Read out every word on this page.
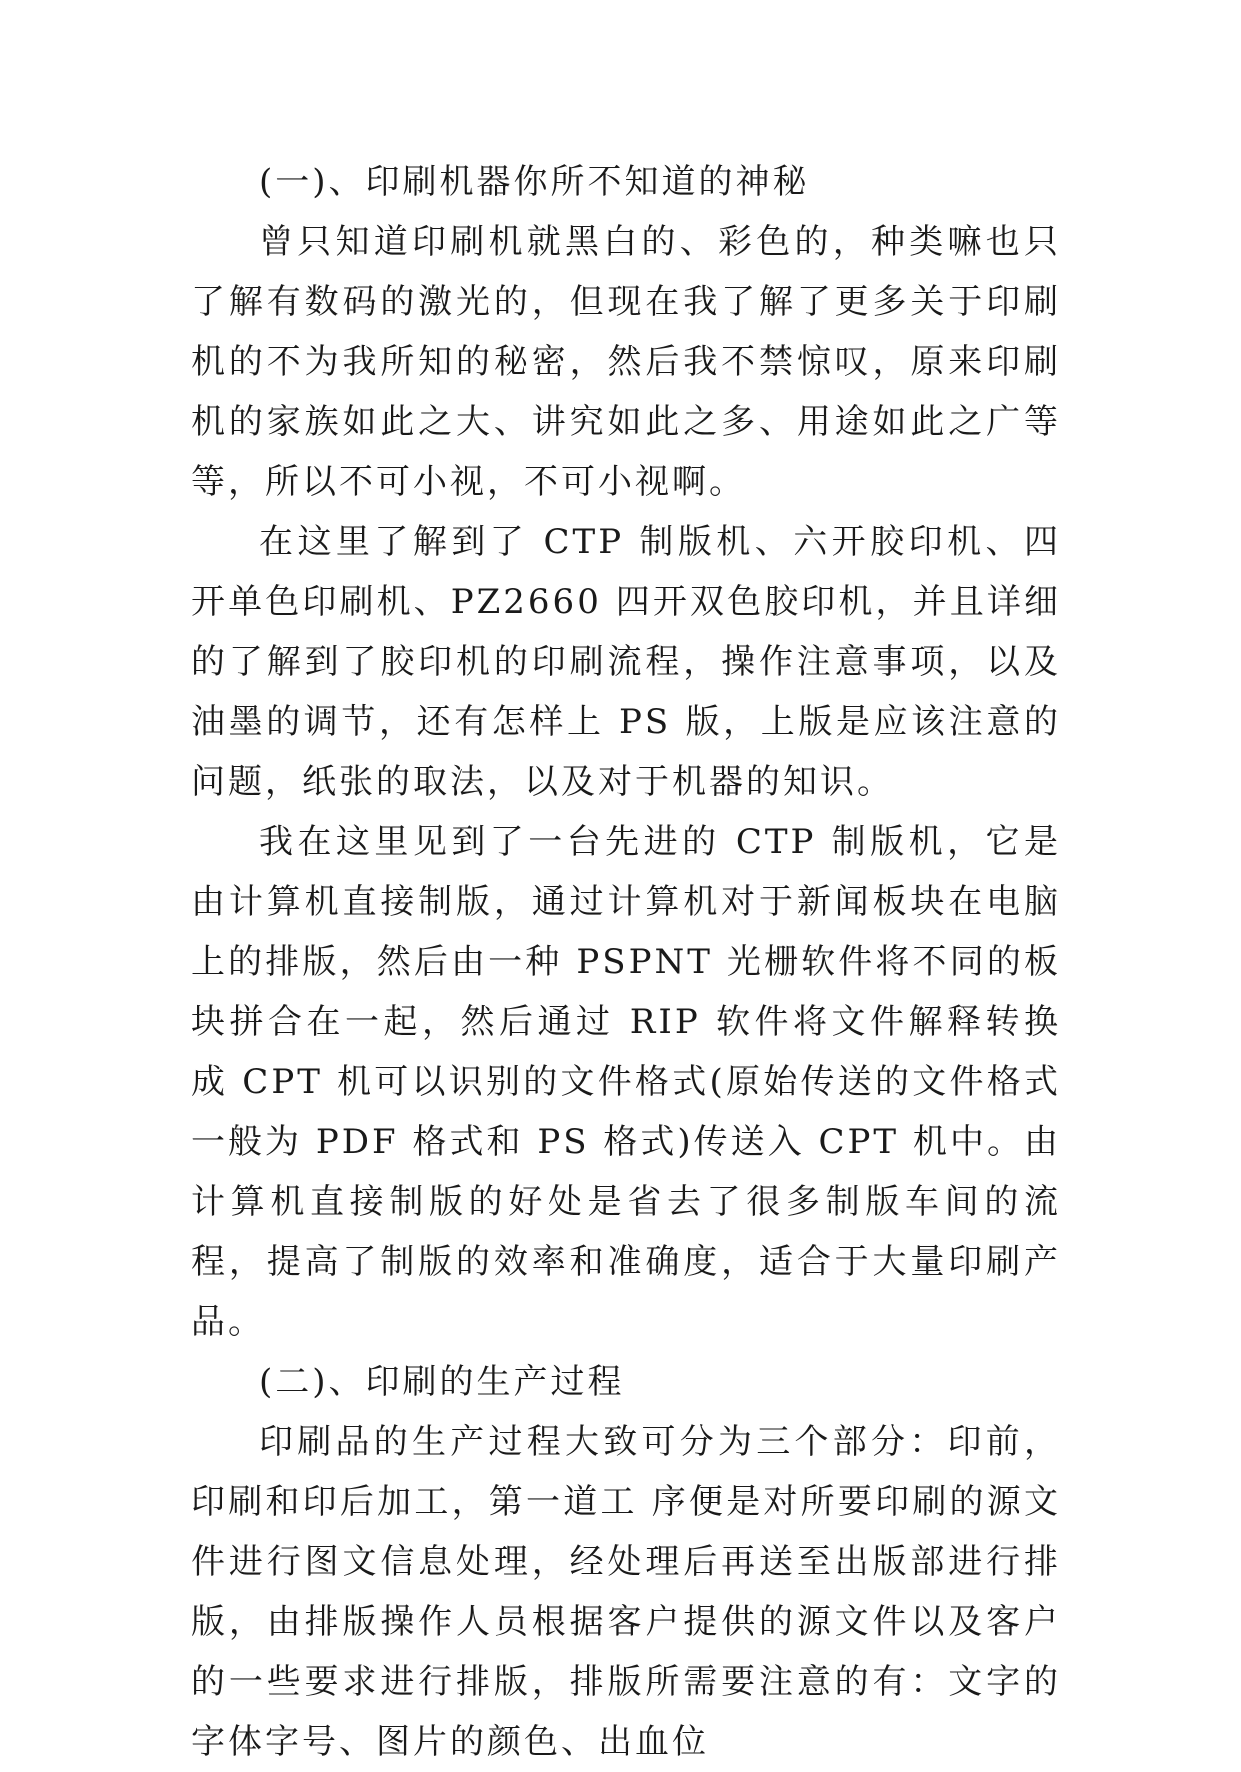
(一)、印刷机器你所不知道的神秘

曾只知道印刷机就黑白的、彩色的，种类嘛也只了解有数码的激光的，但现在我了解了更多关于印刷机的不为我所知的秘密，然后我不禁惊叹，原来印刷机的家族如此之大、讲究如此之多、用途如此之广等等，所以不可小视，不可小视啊。

在这里了解到了 CTP 制版机、六开胶印机、四开单色印刷机、PZ2660 四开双色胶印机，并且详细的了解到了胶印机的印刷流程，操作注意事项，以及油墨的调节，还有怎样上 PS 版，上版是应该注意的问题，纸张的取法，以及对于机器的知识。

我在这里见到了一台先进的 CTP 制版机，它是由计算机直接制版，通过计算机对于新闻板块在电脑上的排版，然后由一种 PSPNT 光栅软件将不同的板块拼合在一起，然后通过 RIP 软件将文件解释转换成 CPT 机可以识别的文件格式(原始传送的文件格式一般为 PDF 格式和 PS 格式)传送入 CPT 机中。由计算机直接制版的好处是省去了很多制版车间的流程，提高了制版的效率和准确度，适合于大量印刷产品。

(二)、印刷的生产过程

印刷品的生产过程大致可分为三个部分：印前，印刷和印后加工，第一道工 序便是对所要印刷的源文件进行图文信息处理，经处理后再送至出版部进行排版，由排版操作人员根据客户提供的源文件以及客户的一些要求进行排版，排版所需要注意的有：文字的字体字号、图片的颜色、出血位
